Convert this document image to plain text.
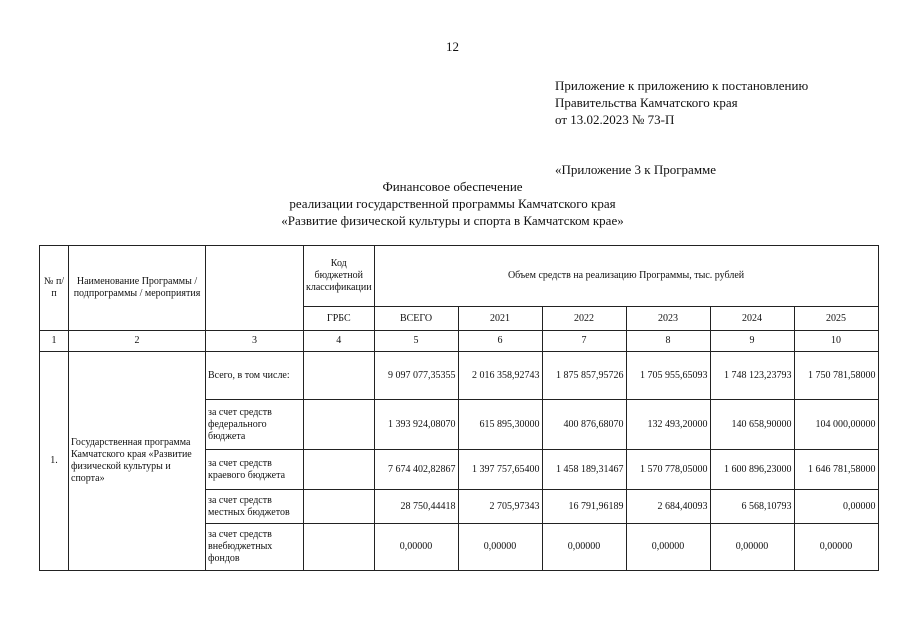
12
Приложение к приложению к постановлению
Правительства Камчатского края
от 13.02.2023 № 73-П
«Приложение 3 к Программе
Финансовое обеспечение
реализации государственной программы Камчатского края
«Развитие физической культуры и спорта в Камчатском крае»
№ п/п	Наименование Программы / подпрограммы / мероприятия		Код бюджетной классификации	Объем средств на реализацию Программы, тыс. рублей					
			ГРБС	ВСЕГО	2021	2022	2023	2024	2025
1	2	3	4	5	6	7	8	9	10
1.	Государственная программа Камчатского края «Развитие физической культуры и спорта»	Всего, в том числе:		9 097 077,35355	2 016 358,92743	1 875 857,95726	1 705 955,65093	1 748 123,23793	1 750 781,58000
		за счет средств федерального бюджета		1 393 924,08070	615 895,30000	400 876,68070	132 493,20000	140 658,90000	104 000,00000
		за счет средств краевого бюджета		7 674 402,82867	1 397 757,65400	1 458 189,31467	1 570 778,05000	1 600 896,23000	1 646 781,58000
		за счет средств местных бюджетов		28 750,44418	2 705,97343	16 791,96189	2 684,40093	6 568,10793	0,00000
		за счет средств внебюджетных фондов		0,00000	0,00000	0,00000	0,00000	0,00000	0,00000
